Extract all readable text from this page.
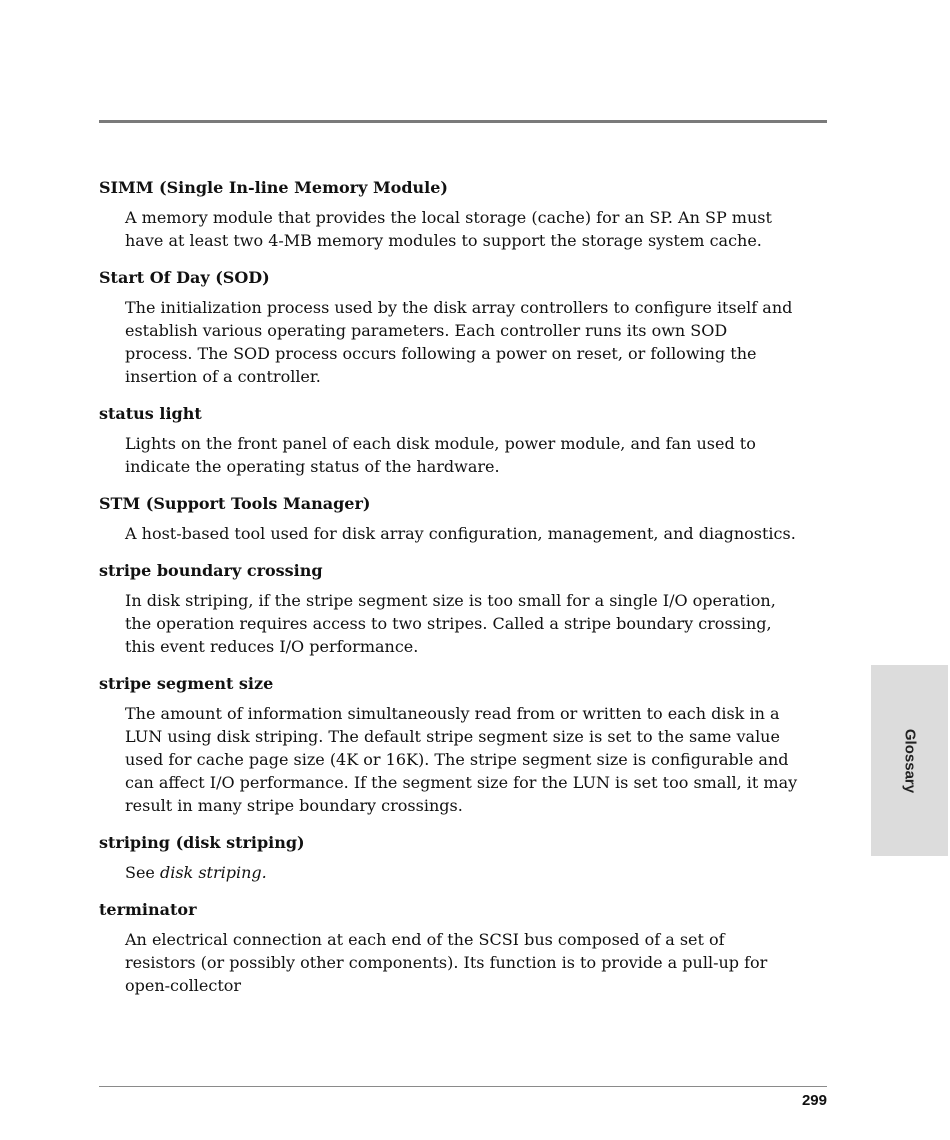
SIMM (Single In-line Memory Module)

A memory module that provides the local storage (cache) for an SP. An SP must have at least two 4-MB memory modules to support the storage system cache.

Start Of Day (SOD)

The initialization process used by the disk array controllers to configure itself and establish various operating parameters. Each controller runs its own SOD process. The SOD process occurs following a power on reset, or following the insertion of a controller.

status light

Lights on the front panel of each disk module, power module, and fan used to indicate the operating status of the hardware.

STM (Support Tools Manager)

A host-based tool used for disk array configuration, management, and diagnostics.

stripe boundary crossing

In disk striping, if the stripe segment size is too small for a single I/O operation, the operation requires access to two stripes. Called a stripe boundary crossing, this event reduces I/O performance.

stripe segment size

The amount of information simultaneously read from or written to each disk in a LUN using disk striping. The default stripe segment size is set to the same value used for cache page size (4K or 16K). The stripe segment size is configurable and can affect I/O performance. If the segment size for the LUN is set too small, it may result in many stripe boundary crossings.

striping (disk striping)

See disk striping.

terminator

An electrical connection at each end of the SCSI bus composed of a set of resistors (or possibly other components). Its function is to provide a pull-up for open-collector

Glossary
299
